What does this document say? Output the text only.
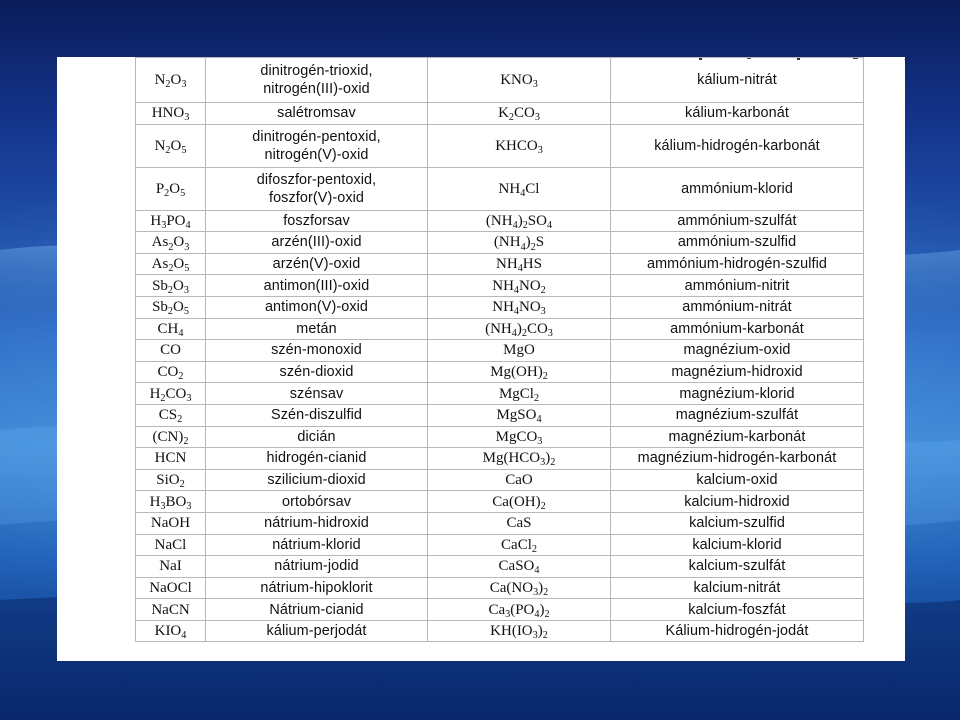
$N_2O_3$	dinitrogén-trioxid,
nitrogén(III)-oxid	$KNO_3$	kálium-nitrát
$HNO_3$	salétromsav	$K_2CO_3$	kálium-karbonát
$N_2O_5$	dinitrogén-pentoxid,
nitrogén(V)-oxid	$KHCO_3$	kálium-hidrogén-karbonát
$P_2O_5$	difoszfor-pentoxid,
foszfor(V)-oxid	$NH_4Cl$	ammónium-klorid
$H_3PO_4$	foszforsav	$(NH_4)_2SO_4$	ammónium-szulfát
$As_2O_3$	arzén(III)-oxid	$(NH_4)_2S$	ammónium-szulfid
$As_2O_5$	arzén(V)-oxid	$NH_4HS$	ammónium-hidrogén-szulfid
$Sb_2O_3$	antimon(III)-oxid	$NH_4NO_2$	ammónium-nitrit
$Sb_2O_5$	antimon(V)-oxid	$NH_4NO_3$	ammónium-nitrát
$CH_4$	metán	$(NH_4)_2CO_3$	ammónium-karbonát
CO	szén-monoxid	MgO	magnézium-oxid
$CO_2$	szén-dioxid	$Mg(OH)_2$	magnézium-hidroxid
$H_2CO_3$	szénsav	MgCl$_2$	magnézium-klorid
$CS_2$	Szén-diszulfid	MgSO$_4$	magnézium-szulfát
$(CN)_2$	dicián	MgCO$_3$	magnézium-karbonát
HCN	hidrogén-cianid	$Mg(HCO_3)_2$	magnézium-hidrogén-karbonát
SiO$_2$	szilicium-dioxid	CaO	kalcium-oxid
$H_3BO_3$	ortobórsav	$Ca(OH)_2$	kalcium-hidroxid
NaOH	nátrium-hidroxid	CaS	kalcium-szulfid
NaCl	nátrium-klorid	CaCl$_2$	kalcium-klorid
NaI	nátrium-jodid	CaSO$_4$	kalcium-szulfát
NaOCl	nátrium-hipoklorit	$Ca(NO_3)_2$	kalcium-nitrát
NaCN	Nátrium-cianid	$Ca_3(PO_4)_2$	kalcium-foszfát
$KIO_4$	kálium-perjodát	$KH(IO_3)_2$	Kálium-hidrogén-jodát
